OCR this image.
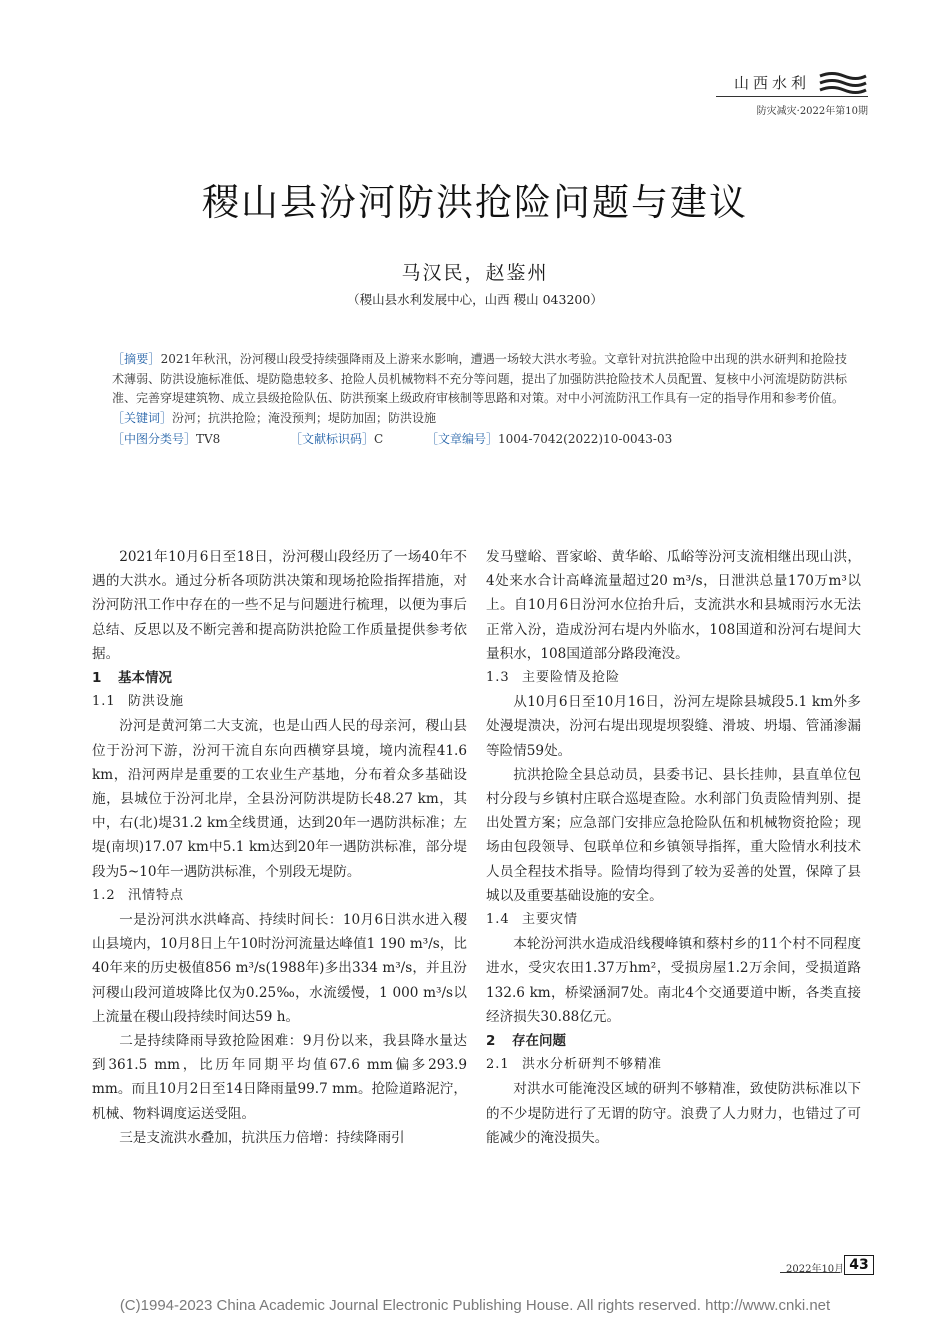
山西水利
防灾减灾·2022年第10期
稷山县汾河防洪抢险问题与建议
马汉民，赵鉴州
（稷山县水利发展中心，山西 稷山 043200）

［摘要］2021年秋汛，汾河稷山段受持续强降雨及上游来水影响，遭遇一场较大洪水考验。文章针对抗洪抢险中出现的洪水研判和抢险技术薄弱、防洪设施标准低、堤防隐患较多、抢险人员机械物料不充分等问题，提出了加强防洪抢险技术人员配置、复核中小河流堤防防洪标准、完善穿堤建筑物、成立县级抢险队伍、防洪预案上级政府审核制等思路和对策。对中小河流防汛工作具有一定的指导作用和参考价值。

［关键词］汾河；抗洪抢险；淹没预判；堤防加固；防洪设施

［中图分类号］TV8	［文献标识码］C	［文章编号］1004-7042(2022)10-0043-03

2021年10月6日至18日，汾河稷山段经历了一场40年不遇的大洪水。通过分析各项防洪决策和现场抢险指挥措施，对汾河防汛工作中存在的一些不足与问题进行梳理，以便为事后总结、反思以及不断完善和提高防洪抢险工作质量提供参考依据。

1 基本情况
1.1 防洪设施

汾河是黄河第二大支流，也是山西人民的母亲河，稷山县位于汾河下游，汾河干流自东向西横穿县境，境内流程41.6 km，沿河两岸是重要的工农业生产基地，分布着众多基础设施，县城位于汾河北岸，全县汾河防洪堤防长48.27 km，其中，右(北)堤31.2 km全线贯通，达到20年一遇防洪标准；左堤(南坝)17.07 km中5.1 km达到20年一遇防洪标准，部分堤段为5~10年一遇防洪标准，个别段无堤防。

1.2 汛情特点

一是汾河洪水洪峰高、持续时间长：10月6日洪水进入稷山县境内，10月8日上午10时汾河流量达峰值1 190 m³/s，比40年来的历史极值856 m³/s(1988年)多出334 m³/s，并且汾河稷山段河道坡降比仅为0.25‰，水流缓慢，1 000 m³/s以上流量在稷山段持续时间达59 h。

二是持续降雨导致抢险困难：9月份以来，我县降水量达到361.5 mm，比历年同期平均值67.6 mm偏多293.9 mm。而且10月2日至14日降雨量99.7 mm。抢险道路泥泞，机械、物料调度运送受阻。

三是支流洪水叠加，抗洪压力倍增：持续降雨引

发马璧峪、晋家峪、黄华峪、瓜峪等汾河支流相继出现山洪，4处来水合计高峰流量超过20 m³/s，日泄洪总量170万m³以上。自10月6日汾河水位抬升后，支流洪水和县城雨污水无法正常入汾，造成汾河右堤内外临水，108国道和汾河右堤间大量积水，108国道部分路段淹没。

1.3 主要险情及抢险

从10月6日至10月16日，汾河左堤除县城段5.1 km外多处漫堤溃决，汾河右堤出现堤坝裂缝、滑坡、坍塌、管涌渗漏等险情59处。

抗洪抢险全县总动员，县委书记、县长挂帅，县直单位包村分段与乡镇村庄联合巡堤查险。水利部门负责险情判别、提出处置方案；应急部门安排应急抢险队伍和机械物资抢险；现场由包段领导、包联单位和乡镇领导指挥，重大险情水利技术人员全程技术指导。险情均得到了较为妥善的处置，保障了县城以及重要基础设施的安全。

1.4 主要灾情

本轮汾河洪水造成沿线稷峰镇和蔡村乡的11个村不同程度进水，受灾农田1.37万hm²，受损房屋1.2万余间，受损道路132.6 km，桥梁涵洞7处。南北4个交通要道中断，各类直接经济损失30.88亿元。

2 存在问题
2.1 洪水分析研判不够精准

对洪水可能淹没区域的研判不够精准，致使防洪标准以下的不少堤防进行了无谓的防守。浪费了人力财力，也错过了可能减少的淹没损失。

2022年10月 43
(C)1994-2023 China Academic Journal Electronic Publishing House. All rights reserved. http://www.cnki.net
